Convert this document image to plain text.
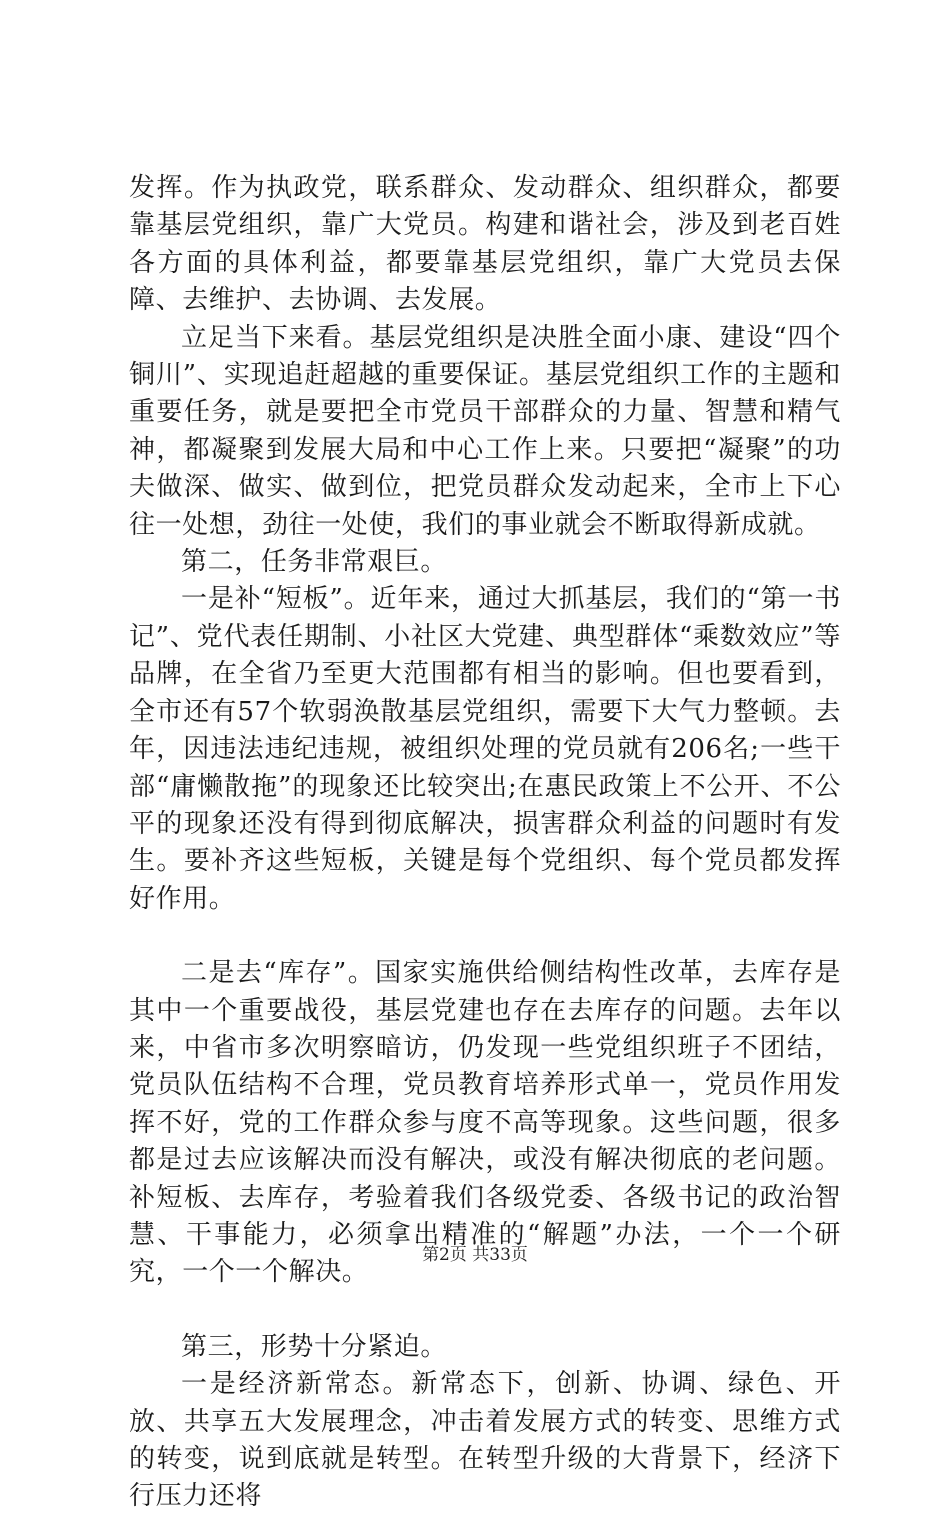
发挥。作为执政党，联系群众、发动群众、组织群众，都要靠基层党组织，靠广大党员。构建和谐社会，涉及到老百姓各方面的具体利益，都要靠基层党组织，靠广大党员去保障、去维护、去协调、去发展。

立足当下来看。基层党组织是决胜全面小康、建设“四个铜川”、实现追赶超越的重要保证。基层党组织工作的主题和重要任务，就是要把全市党员干部群众的力量、智慧和精气神，都凝聚到发展大局和中心工作上来。只要把“凝聚”的功夫做深、做实、做到位，把党员群众发动起来，全市上下心往一处想，劲往一处使，我们的事业就会不断取得新成就。

第二，任务非常艰巨。

一是补“短板”。近年来，通过大抓基层，我们的“第一书记”、党代表任期制、小社区大党建、典型群体“乘数效应”等品牌，在全省乃至更大范围都有相当的影响。但也要看到，全市还有57个软弱涣散基层党组织，需要下大气力整顿。去年，因违法违纪违规，被组织处理的党员就有206名;一些干部“庸懒散拖”的现象还比较突出;在惠民政策上不公开、不公平的现象还没有得到彻底解决，损害群众利益的问题时有发生。要补齐这些短板，关键是每个党组织、每个党员都发挥好作用。

二是去“库存”。国家实施供给侧结构性改革，去库存是其中一个重要战役，基层党建也存在去库存的问题。去年以来，中省市多次明察暗访，仍发现一些党组织班子不团结，党员队伍结构不合理，党员教育培养形式单一，党员作用发挥不好，党的工作群众参与度不高等现象。这些问题，很多都是过去应该解决而没有解决，或没有解决彻底的老问题。补短板、去库存，考验着我们各级党委、各级书记的政治智慧、干事能力，必须拿出精准的“解题”办法，一个一个研究，一个一个解决。

第三，形势十分紧迫。

一是经济新常态。新常态下，创新、协调、绿色、开放、共享五大发展理念，冲击着发展方式的转变、思维方式的转变，说到底就是转型。在转型升级的大背景下，经济下行压力还将

第2页 共33页
